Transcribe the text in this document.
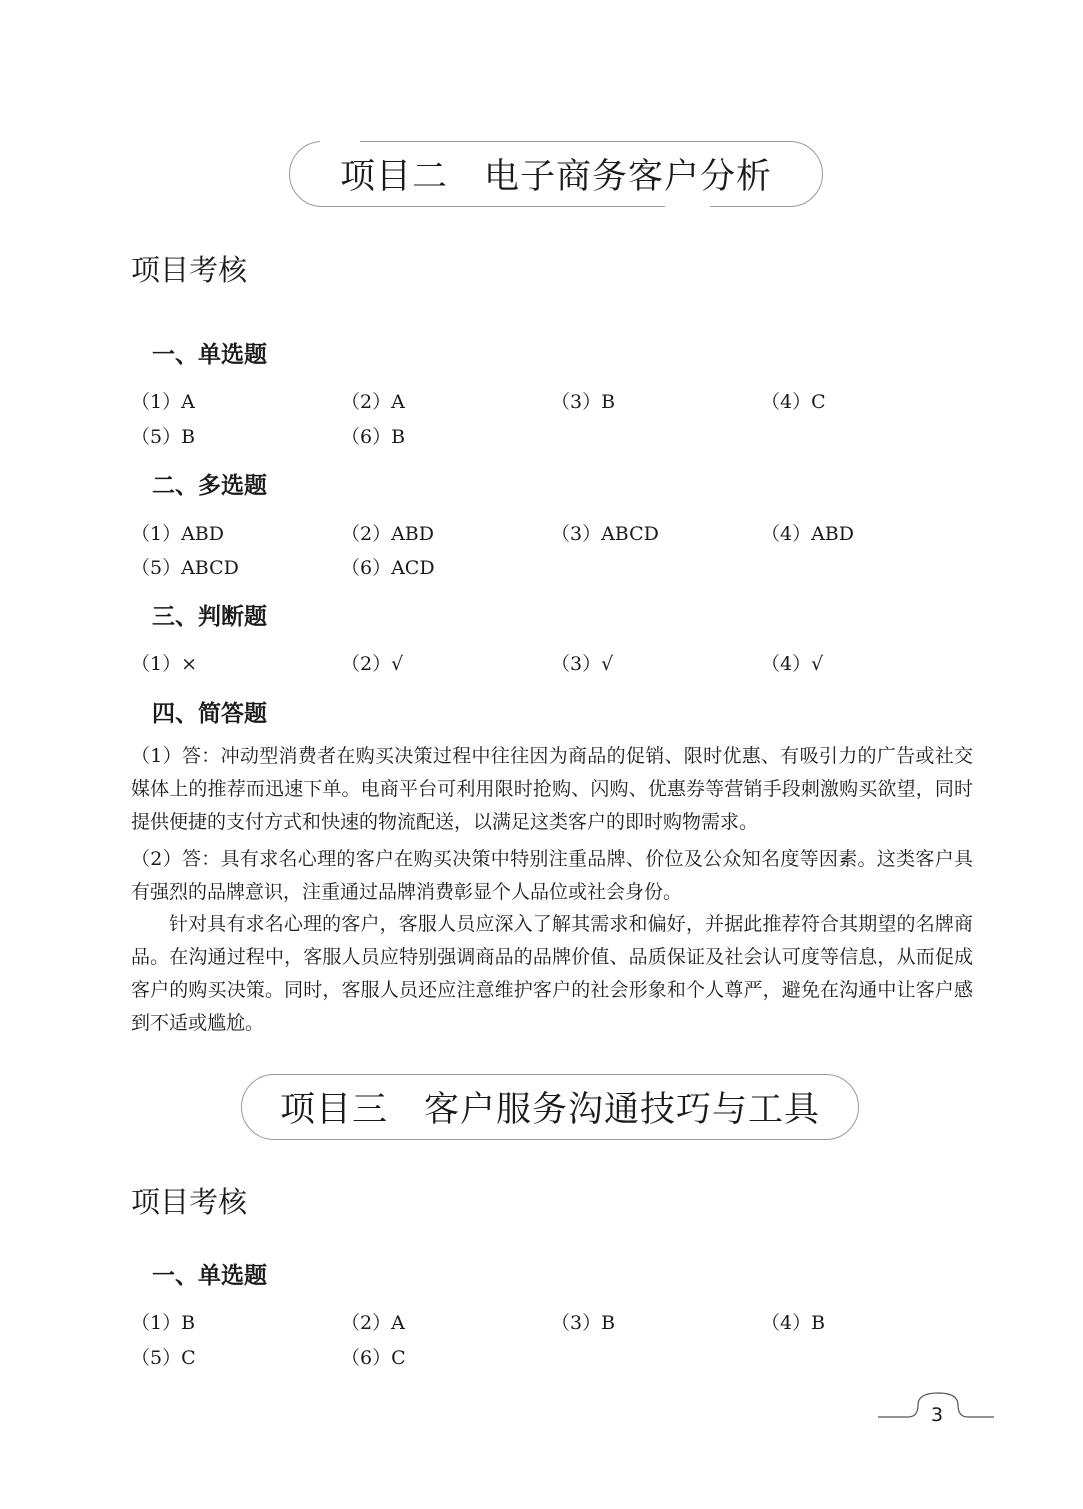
项目二　电子商务客户分析
项目考核
一、单选题
（1）A	（2）A	（3）B	（4）C
（5）B	（6）B
二、多选题
（1）ABD	（2）ABD	（3）ABCD	（4）ABD
（5）ABCD	（6）ACD
三、判断题
（1）×	（2）√	（3）√	（4）√
四、简答题
（1）答：冲动型消费者在购买决策过程中往往因为商品的促销、限时优惠、有吸引力的广告或社交媒体上的推荐而迅速下单。电商平台可利用限时抢购、闪购、优惠券等营销手段刺激购买欲望，同时提供便捷的支付方式和快速的物流配送，以满足这类客户的即时购物需求。
（2）答：具有求名心理的客户在购买决策中特别注重品牌、价位及公众知名度等因素。这类客户具有强烈的品牌意识，注重通过品牌消费彰显个人品位或社会身份。
针对具有求名心理的客户，客服人员应深入了解其需求和偏好，并据此推荐符合其期望的名牌商品。在沟通过程中，客服人员应特别强调商品的品牌价值、品质保证及社会认可度等信息，从而促成客户的购买决策。同时，客服人员还应注意维护客户的社会形象和个人尊严，避免在沟通中让客户感到不适或尴尬。
项目三　客户服务沟通技巧与工具
项目考核
一、单选题
（1）B	（2）A	（3）B	（4）B
（5）C	（6）C
3
